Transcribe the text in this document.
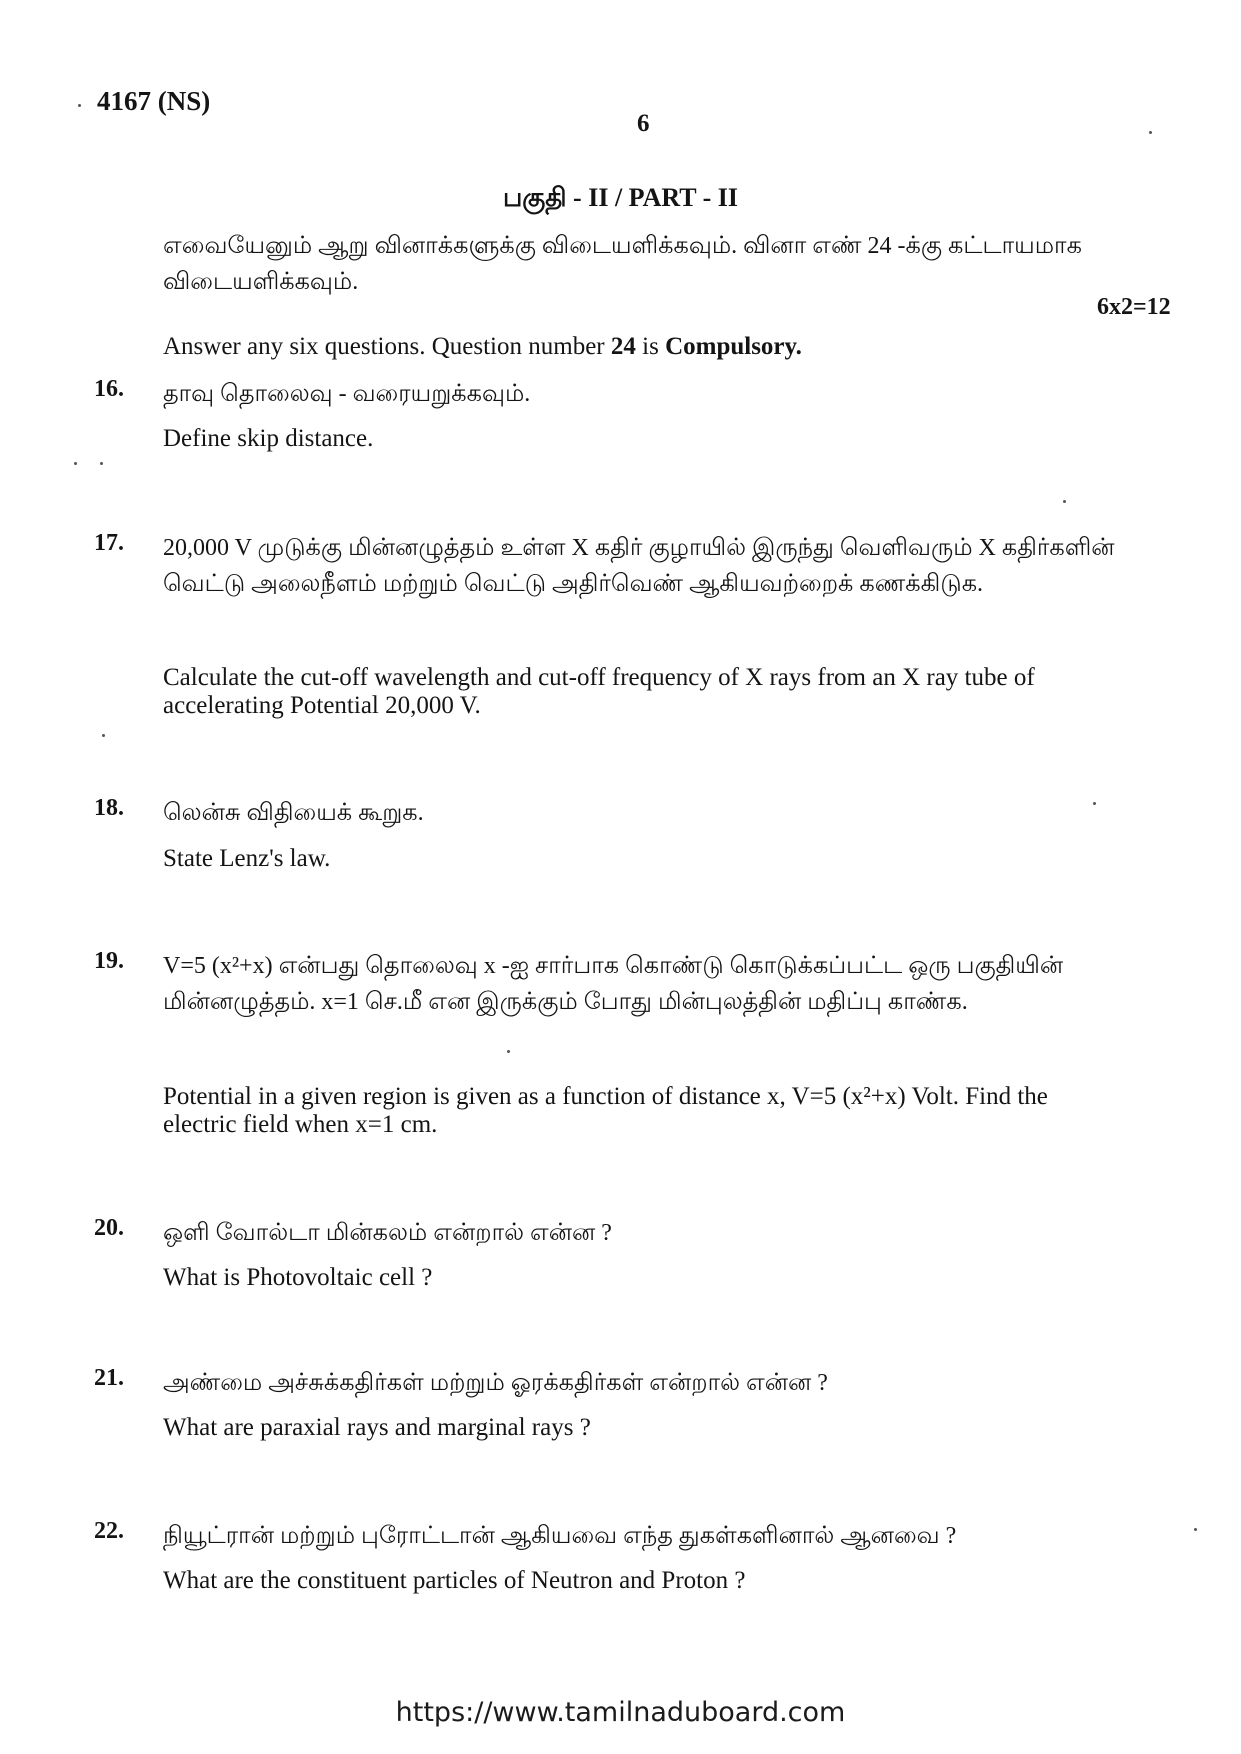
4167 (NS)
6
பகுதி - II / PART - II
எவையேனும் ஆறு வினாக்களுக்கு விடையளிக்கவும். வினா எண் 24 -க்கு கட்டாயமாக விடையளிக்கவும்.
6x2=12
Answer any six questions. Question number 24 is Compulsory.
16. தாவு தொலைவு - வரையறுக்கவும்.
Define skip distance.
17. 20,000 V முடுக்கு மின்னழுத்தம் உள்ள X கதிர் குழாயில் இருந்து வெளிவரும் X கதிர்களின் வெட்டு அலைநீளம் மற்றும் வெட்டு அதிர்வெண் ஆகியவற்றைக் கணக்கிடுக.
Calculate the cut-off wavelength and cut-off frequency of X rays from an X ray tube of accelerating Potential 20,000 V.
18. லென்சு விதியைக் கூறுக.
State Lenz's law.
19. V=5 (x²+x) என்பது தொலைவு x -ஐ சார்பாக கொண்டு கொடுக்கப்பட்ட ஒரு பகுதியின் மின்னழுத்தம். x=1 செ.மீ என இருக்கும் போது மின்புலத்தின் மதிப்பு காண்க.
Potential in a given region is given as a function of distance x, V=5 (x²+x) Volt. Find the electric field when x=1 cm.
20. ஒளி வோல்டா மின்கலம் என்றால் என்ன ?
What is Photovoltaic cell ?
21. அண்மை அச்சுக்கதிர்கள் மற்றும் ஓரக்கதிர்கள் என்றால் என்ன ?
What are paraxial rays and marginal rays ?
22. நியூட்ரான் மற்றும் புரோட்டான் ஆகியவை எந்த துகள்களினால் ஆனவை ?
What are the constituent particles of Neutron and Proton ?
https://www.tamilnaduboard.com
